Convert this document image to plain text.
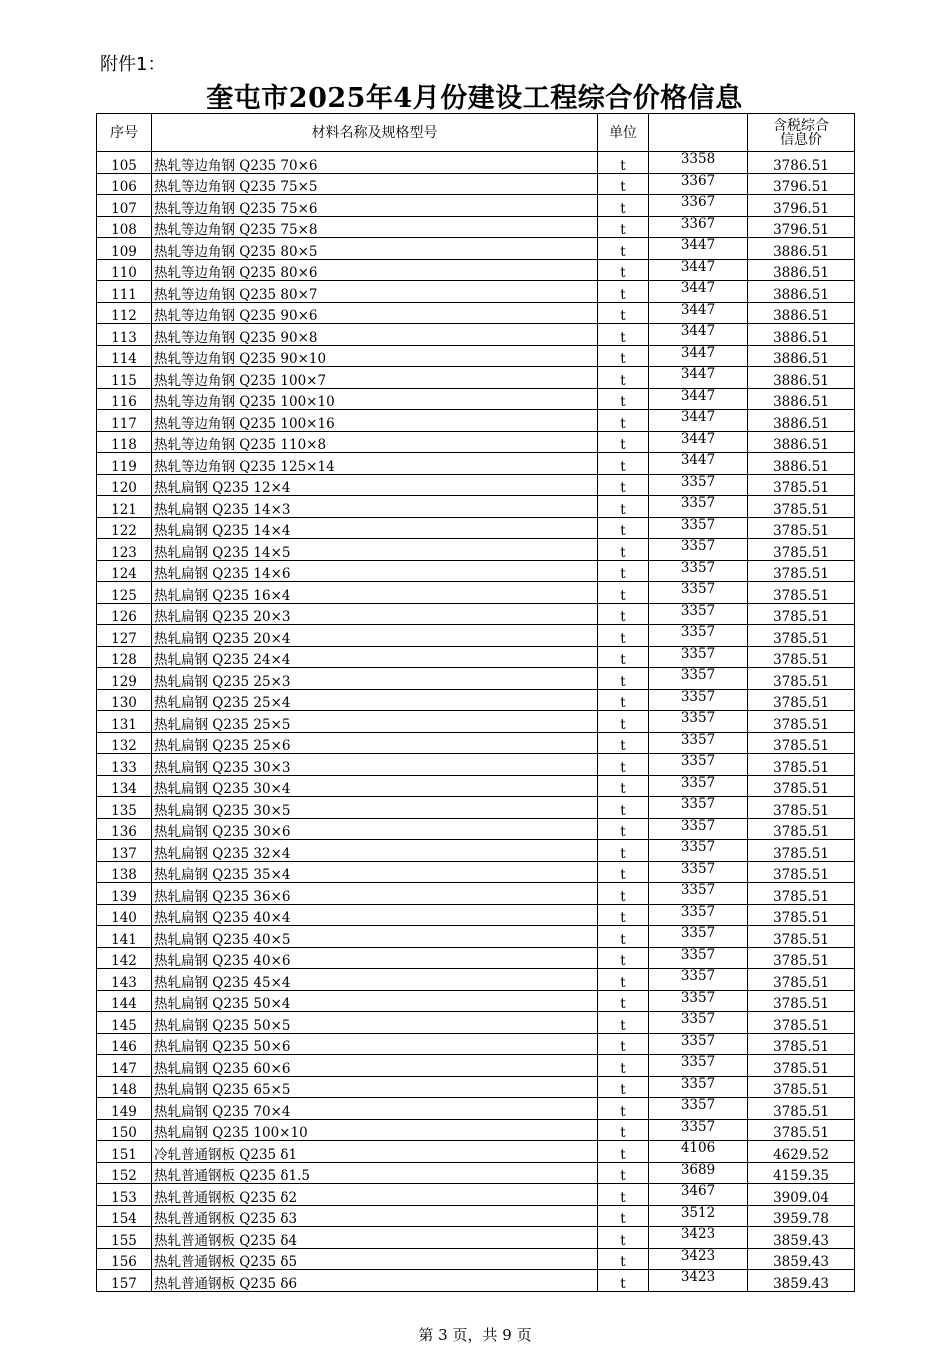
附件1：
奎屯市2025年4月份建设工程综合价格信息
序号	材料名称及规格型号	单位		含税综合
信息价
105	热轧等边角钢 Q235 70×6	t	3358	3786.51
106	热轧等边角钢 Q235 75×5	t	3367	3796.51
107	热轧等边角钢 Q235 75×6	t	3367	3796.51
108	热轧等边角钢 Q235 75×8	t	3367	3796.51
109	热轧等边角钢 Q235 80×5	t	3447	3886.51
110	热轧等边角钢 Q235 80×6	t	3447	3886.51
111	热轧等边角钢 Q235 80×7	t	3447	3886.51
112	热轧等边角钢 Q235 90×6	t	3447	3886.51
113	热轧等边角钢 Q235 90×8	t	3447	3886.51
114	热轧等边角钢 Q235 90×10	t	3447	3886.51
115	热轧等边角钢 Q235 100×7	t	3447	3886.51
116	热轧等边角钢 Q235 100×10	t	3447	3886.51
117	热轧等边角钢 Q235 100×16	t	3447	3886.51
118	热轧等边角钢 Q235 110×8	t	3447	3886.51
119	热轧等边角钢 Q235 125×14	t	3447	3886.51
120	热轧扁钢 Q235 12×4	t	3357	3785.51
121	热轧扁钢 Q235 14×3	t	3357	3785.51
122	热轧扁钢 Q235 14×4	t	3357	3785.51
123	热轧扁钢 Q235 14×5	t	3357	3785.51
124	热轧扁钢 Q235 14×6	t	3357	3785.51
125	热轧扁钢 Q235 16×4	t	3357	3785.51
126	热轧扁钢 Q235 20×3	t	3357	3785.51
127	热轧扁钢 Q235 20×4	t	3357	3785.51
128	热轧扁钢 Q235 24×4	t	3357	3785.51
129	热轧扁钢 Q235 25×3	t	3357	3785.51
130	热轧扁钢 Q235 25×4	t	3357	3785.51
131	热轧扁钢 Q235 25×5	t	3357	3785.51
132	热轧扁钢 Q235 25×6	t	3357	3785.51
133	热轧扁钢 Q235 30×3	t	3357	3785.51
134	热轧扁钢 Q235 30×4	t	3357	3785.51
135	热轧扁钢 Q235 30×5	t	3357	3785.51
136	热轧扁钢 Q235 30×6	t	3357	3785.51
137	热轧扁钢 Q235 32×4	t	3357	3785.51
138	热轧扁钢 Q235 35×4	t	3357	3785.51
139	热轧扁钢 Q235 36×6	t	3357	3785.51
140	热轧扁钢 Q235 40×4	t	3357	3785.51
141	热轧扁钢 Q235 40×5	t	3357	3785.51
142	热轧扁钢 Q235 40×6	t	3357	3785.51
143	热轧扁钢 Q235 45×4	t	3357	3785.51
144	热轧扁钢 Q235 50×4	t	3357	3785.51
145	热轧扁钢 Q235 50×5	t	3357	3785.51
146	热轧扁钢 Q235 50×6	t	3357	3785.51
147	热轧扁钢 Q235 60×6	t	3357	3785.51
148	热轧扁钢 Q235 65×5	t	3357	3785.51
149	热轧扁钢 Q235 70×4	t	3357	3785.51
150	热轧扁钢 Q235 100×10	t	3357	3785.51
151	冷轧普通钢板 Q235 δ1	t	4106	4629.52
152	热轧普通钢板 Q235 δ1.5	t	3689	4159.35
153	热轧普通钢板 Q235 δ2	t	3467	3909.04
154	热轧普通钢板 Q235 δ3	t	3512	3959.78
155	热轧普通钢板 Q235 δ4	t	3423	3859.43
156	热轧普通钢板 Q235 δ5	t	3423	3859.43
157	热轧普通钢板 Q235 δ6	t	3423	3859.43
第 3 页，共 9 页
